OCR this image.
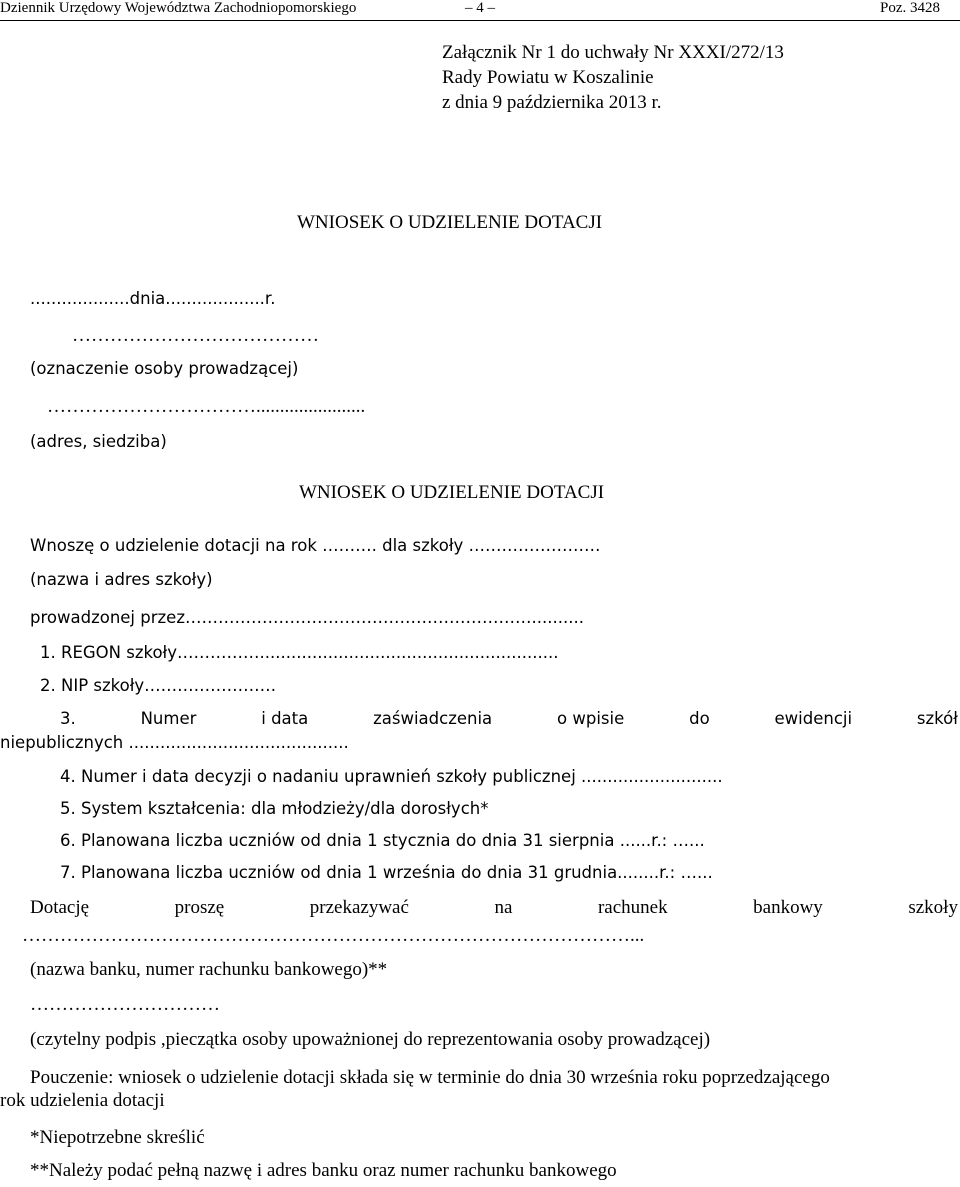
Dziennik Urzędowy Województwa Zachodniopomorskiego	– 4 –	Poz. 3428
Załącznik Nr 1 do uchwały Nr XXXI/272/13
Rady Powiatu w Koszalinie
z dnia 9 października 2013 r.
WNIOSEK O UDZIELENIE DOTACJI
...................dnia...................r.
…………………………………
(oznaczenie osoby prowadzącej)
…………………………….......................
(adres, siedziba)
WNIOSEK O UDZIELENIE DOTACJI
Wnoszę o udzielenie dotacji na rok ………. dla szkoły ……………………
(nazwa i adres szkoły)
prowadzonej przez………………………………………………………..........
1. REGON szkoły…………….........................................................
2. NIP szkoły……………………
3.	Numer	i data	zaświadczenia	o wpisie	do	ewidencji	szkół
niepublicznych ..........................................
4. Numer i data decyzji o nadaniu uprawnień szkoły publicznej ...........................
5. System kształcenia: dla młodzieży/dla dorosłych*
6. Planowana liczba uczniów od dnia 1 stycznia do dnia 31 sierpnia ......r.: …...
7. Planowana liczba uczniów od dnia 1 września do dnia 31 grudnia........r.: …...
Dotację	proszę	przekazywać	na	rachunek	bankowy	szkoły
……………………………………………………………………………………...
(nazwa banku, numer rachunku bankowego)**
…………………………
(czytelny podpis ,pieczątka osoby upoważnionej do reprezentowania osoby prowadzącej)
Pouczenie: wniosek o udzielenie dotacji składa się w terminie do dnia 30 września roku poprzedzającego
rok udzielenia dotacji
*Niepotrzebne skreślić
**Należy podać pełną nazwę i adres banku oraz numer rachunku bankowego
